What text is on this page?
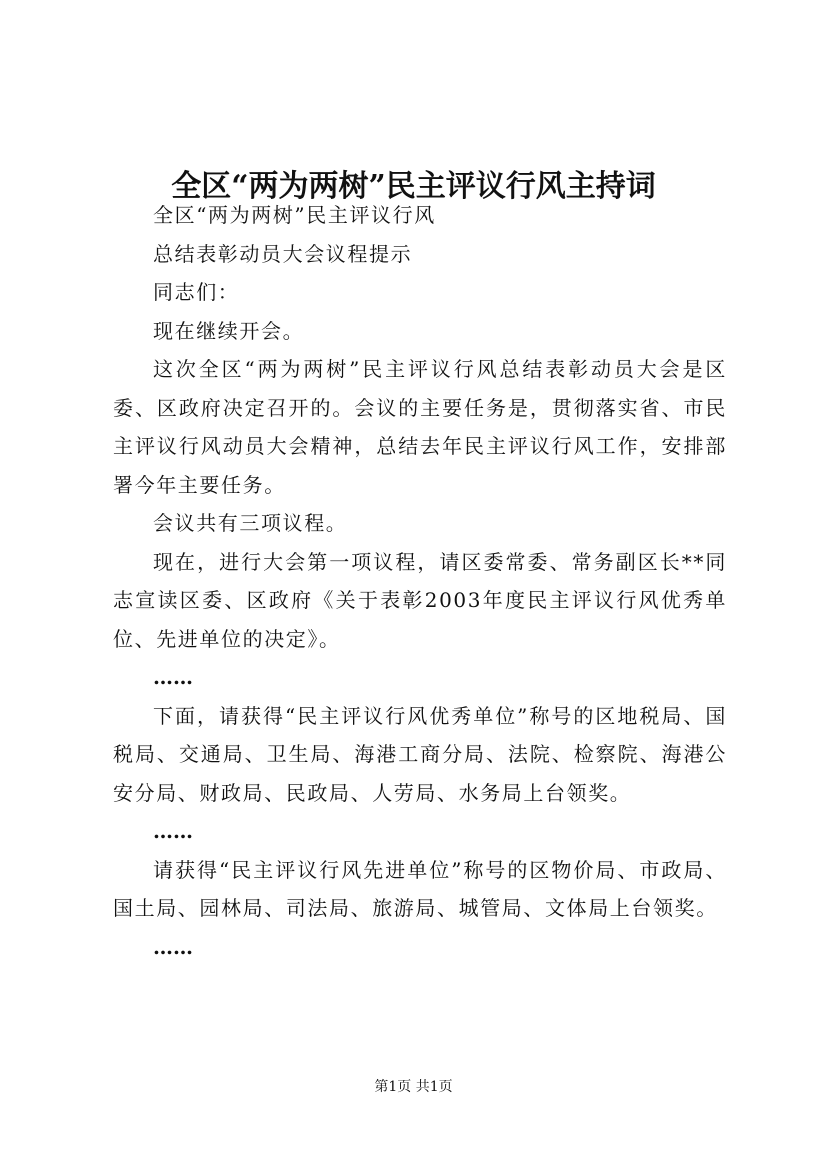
全区“两为两树”民主评议行风主持词

全区“两为两树”民主评议行风

总结表彰动员大会议程提示

同志们：

现在继续开会。

这次全区“两为两树”民主评议行风总结表彰动员大会是区委、区政府决定召开的。会议的主要任务是，贯彻落实省、市民主评议行风动员大会精神，总结去年民主评议行风工作，安排部署今年主要任务。

会议共有三项议程。

现在，进行大会第一项议程，请区委常委、常务副区长**同志宣读区委、区政府《关于表彰2003年度民主评议行风优秀单位、先进单位的决定》。

……

下面，请获得“民主评议行风优秀单位”称号的区地税局、国税局、交通局、卫生局、海港工商分局、法院、检察院、海港公安分局、财政局、民政局、人劳局、水务局上台领奖。

……

请获得“民主评议行风先进单位”称号的区物价局、市政局、国土局、园林局、司法局、旅游局、城管局、文体局上台领奖。

……

第1页 共1页
